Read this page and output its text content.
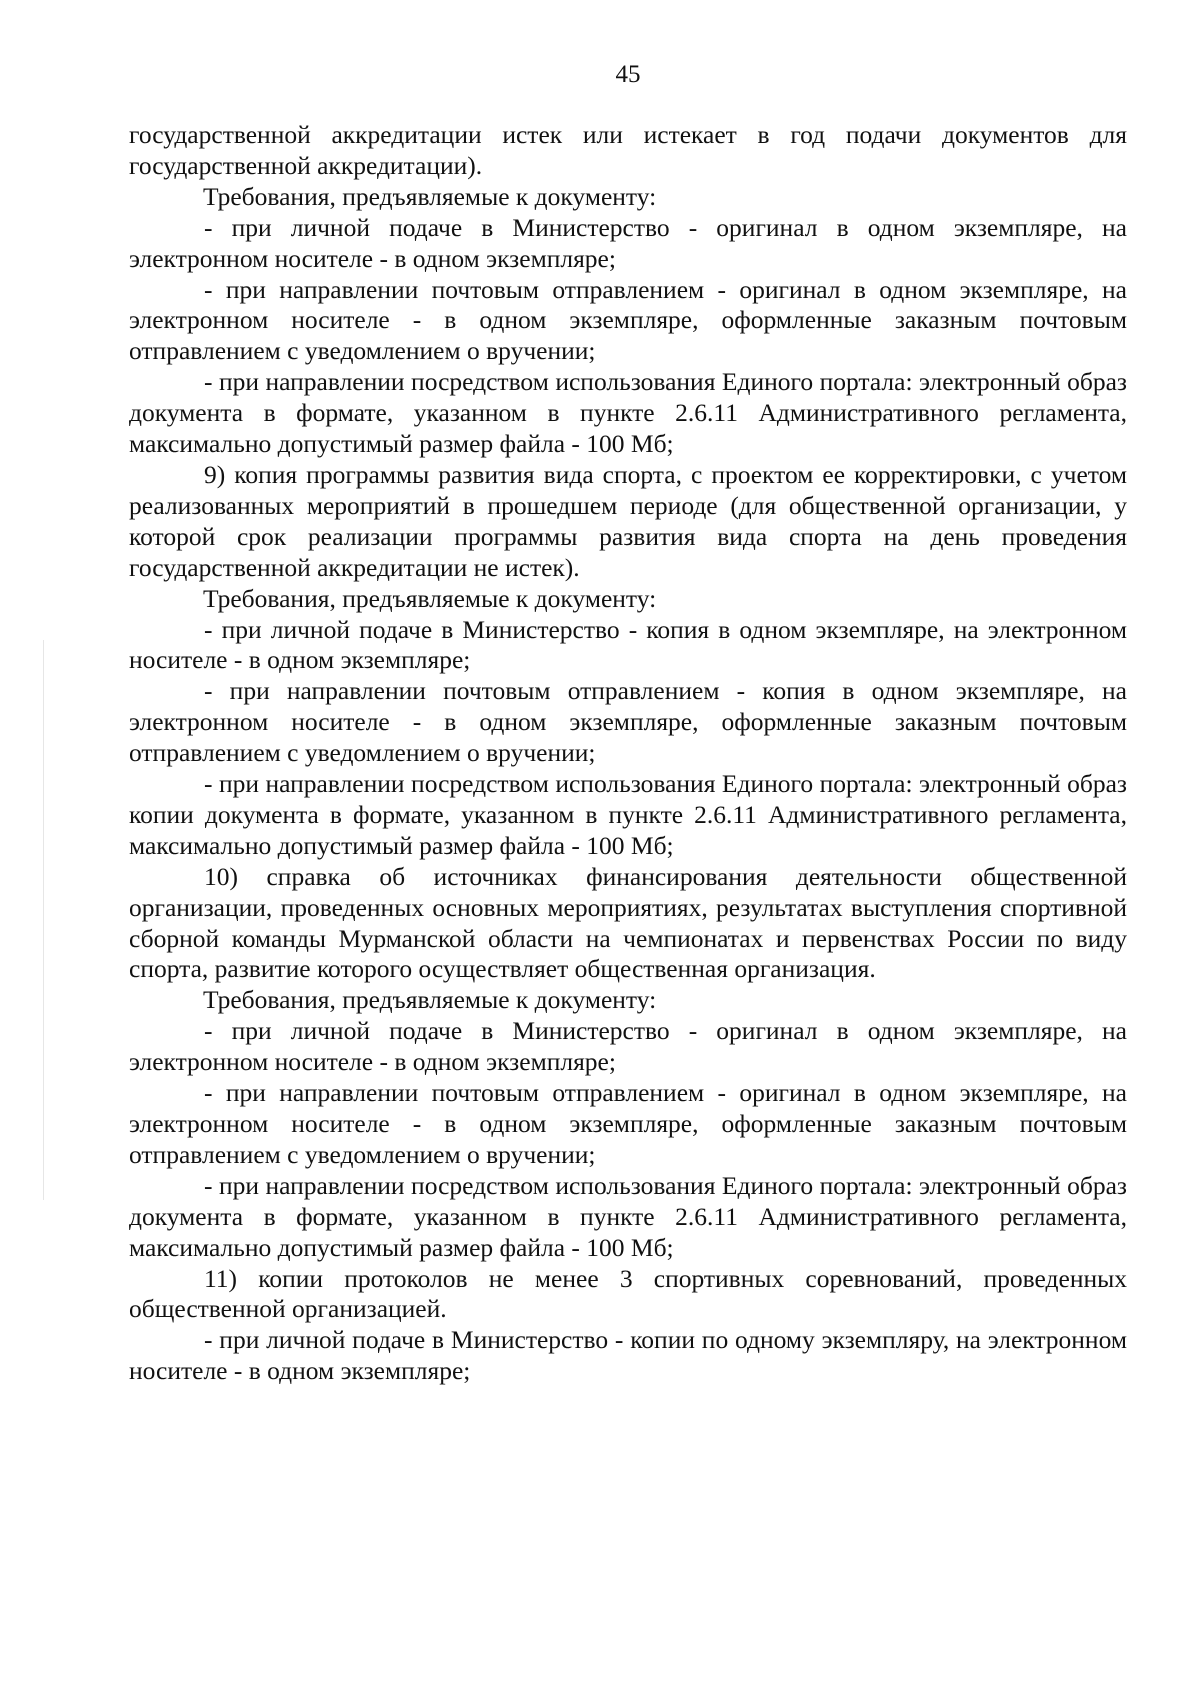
45

государственной аккредитации истек или истекает в год подачи документов для государственной аккредитации).

Требования, предъявляемые к документу:

- при личной подаче в Министерство - оригинал в одном экземпляре, на электронном носителе - в одном экземпляре;

- при направлении почтовым отправлением - оригинал в одном экземпляре, на электронном носителе - в одном экземпляре, оформленные заказным почтовым отправлением с уведомлением о вручении;

- при направлении посредством использования Единого портала: электронный образ документа в формате, указанном в пункте 2.6.11 Административного регламента, максимально допустимый размер файла - 100 Мб;

9) копия программы развития вида спорта, с проектом ее корректировки, с учетом реализованных мероприятий в прошедшем периоде (для общественной организации, у которой срок реализации программы развития вида спорта на день проведения государственной аккредитации не истек).

Требования, предъявляемые к документу:

- при личной подаче в Министерство - копия в одном экземпляре, на электронном носителе - в одном экземпляре;

- при направлении почтовым отправлением - копия в одном экземпляре, на электронном носителе - в одном экземпляре, оформленные заказным почтовым отправлением с уведомлением о вручении;

- при направлении посредством использования Единого портала: электронный образ копии документа в формате, указанном в пункте 2.6.11 Административного регламента, максимально допустимый размер файла - 100 Мб;

10) справка об источниках финансирования деятельности общественной организации, проведенных основных мероприятиях, результатах выступления спортивной сборной команды Мурманской области на чемпионатах и первенствах России по виду спорта, развитие которого осуществляет общественная организация.

Требования, предъявляемые к документу:

- при личной подаче в Министерство - оригинал в одном экземпляре, на электронном носителе - в одном экземпляре;

- при направлении почтовым отправлением - оригинал в одном экземпляре, на электронном носителе - в одном экземпляре, оформленные заказным почтовым отправлением с уведомлением о вручении;

- при направлении посредством использования Единого портала: электронный образ документа в формате, указанном в пункте 2.6.11 Административного регламента, максимально допустимый размер файла - 100 Мб;

11) копии протоколов не менее 3 спортивных соревнований, проведенных общественной организацией.

- при личной подаче в Министерство - копии по одному экземпляру, на электронном носителе - в одном экземпляре;
